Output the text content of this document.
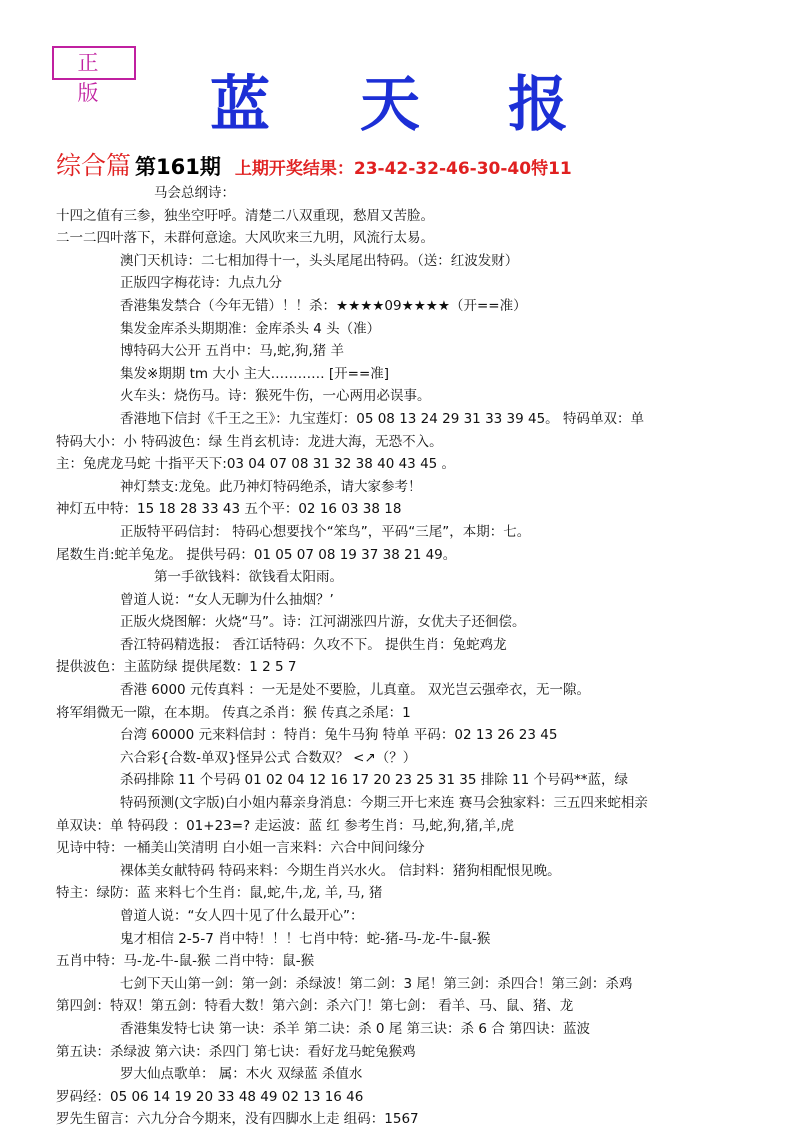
正 版	蓝 天 报
综合篇 第161期 上期开奖结果：23-42-32-46-30-40特11
马会总纲诗：
十四之值有三参，独坐空吁呼。清楚二八双重现，愁眉又苦脸。
二一二四叶落下，未群何意途。大风吹来三九明，风流行太易。
澳门天机诗：二七相加得十一，头头尾尾出特码。（送：红波发财）
正版四字梅花诗：九点九分
香港集发禁合（今年无错）！！杀：★★★★09★★★★（开==准）
集发金库杀头期期准：金库杀头 4 头（准）
博特码大公开 五肖中：马,蛇,狗,猪 羊
集发※期期 tm 大小 主大………… [开==准]
火车头：烧伤马。诗：猴死牛伤，一心两用必误事。
香港地下信封《千王之王》：九宝莲灯：05 08 13 24 29 31 33 39 45。 特码单双：单
特码大小：小 特码波色：绿 生肖玄机诗：龙进大海，无恐不入。
主：兔虎龙马蛇 十指平天下:03 04 07 08 31 32 38 40 43 45 。
神灯禁支:龙兔。此乃神灯特码绝杀，请大家参考！
神灯五中特：15 18 28 33 43 五个平：02 16 03 38 18
正版特平码信封： 特码心想要找个“笨鸟”，平码“三尾”，本期：七。
尾数生肖:蛇羊兔龙。 提供号码：01 05 07 08 19 37 38 21 49。
第一手欲钱料：欲钱看太阳雨。
曾道人说：“女人无聊为什么抽烟？’
正版火烧图解：火烧“马”。诗：江河湖涨四片游，女优夫子还徊偿。
香江特码精选报： 香江话特码：久攻不下。 提供生肖：兔蛇鸡龙
提供波色：主蓝防绿 提供尾数：1 2 5 7
香港 6000 元传真料 ：一无是处不要脸，儿真童。 双光岂云强牵衣，无一隙。
将军绢微无一隙，在本期。 传真之杀肖：猴 传真之杀尾：1
台湾 60000 元来料信封 ：特肖：兔牛马狗 特单 平码：02 13 26 23 45
六合彩{合数-单双}怪异公式 合数双？ <↗（？）
杀码排除 11 个号码 01 02 04 12 16 17 20 23 25 31 35 排除 11 个号码**蓝，绿
特码预测(文字版)白小姐内幕亲身消息：今期三开七来连 赛马会独家料：三五四来蛇相亲
单双诀：单 特码段 ：01+23=? 走运波：蓝 红 参考生肖：马,蛇,狗,猪,羊,虎
见诗中特：一桶美山笑清明 白小姐一言来料：六合中间问缘分
裸体美女献特码 特码来料：今期生肖兴水火。 信封料：猪狗相配恨见晚。
特主：绿防：蓝 来料七个生肖：鼠,蛇,牛,龙, 羊, 马, 猪
曾道人说：“女人四十见了什么最开心”：
鬼才相信 2-5-7 肖中特！！！七肖中特：蛇-猪-马-龙-牛-鼠-猴
五肖中特：马-龙-牛-鼠-猴 二肖中特：鼠-猴
七剑下天山第一剑：第一剑：杀绿波！第二剑：3 尾！第三剑：杀四合！第三剑：杀鸡
第四剑：特双！第五剑：特看大数！第六剑：杀六门！第七剑： 看羊、马、鼠、猪、龙
香港集发特七诀 第一诀：杀羊 第二诀：杀 0 尾 第三诀：杀 6 合 第四诀：蓝波
第五诀：杀绿波 第六诀：杀四门 第七诀：看好龙马蛇兔猴鸡
罗大仙点歌单： 属：木火 双绿蓝 杀值水
罗码经：05 06 14 19 20 33 48 49 02 13 16 46
罗先生留言：六九分合今期来，没有四脚水上走 组码：1567
